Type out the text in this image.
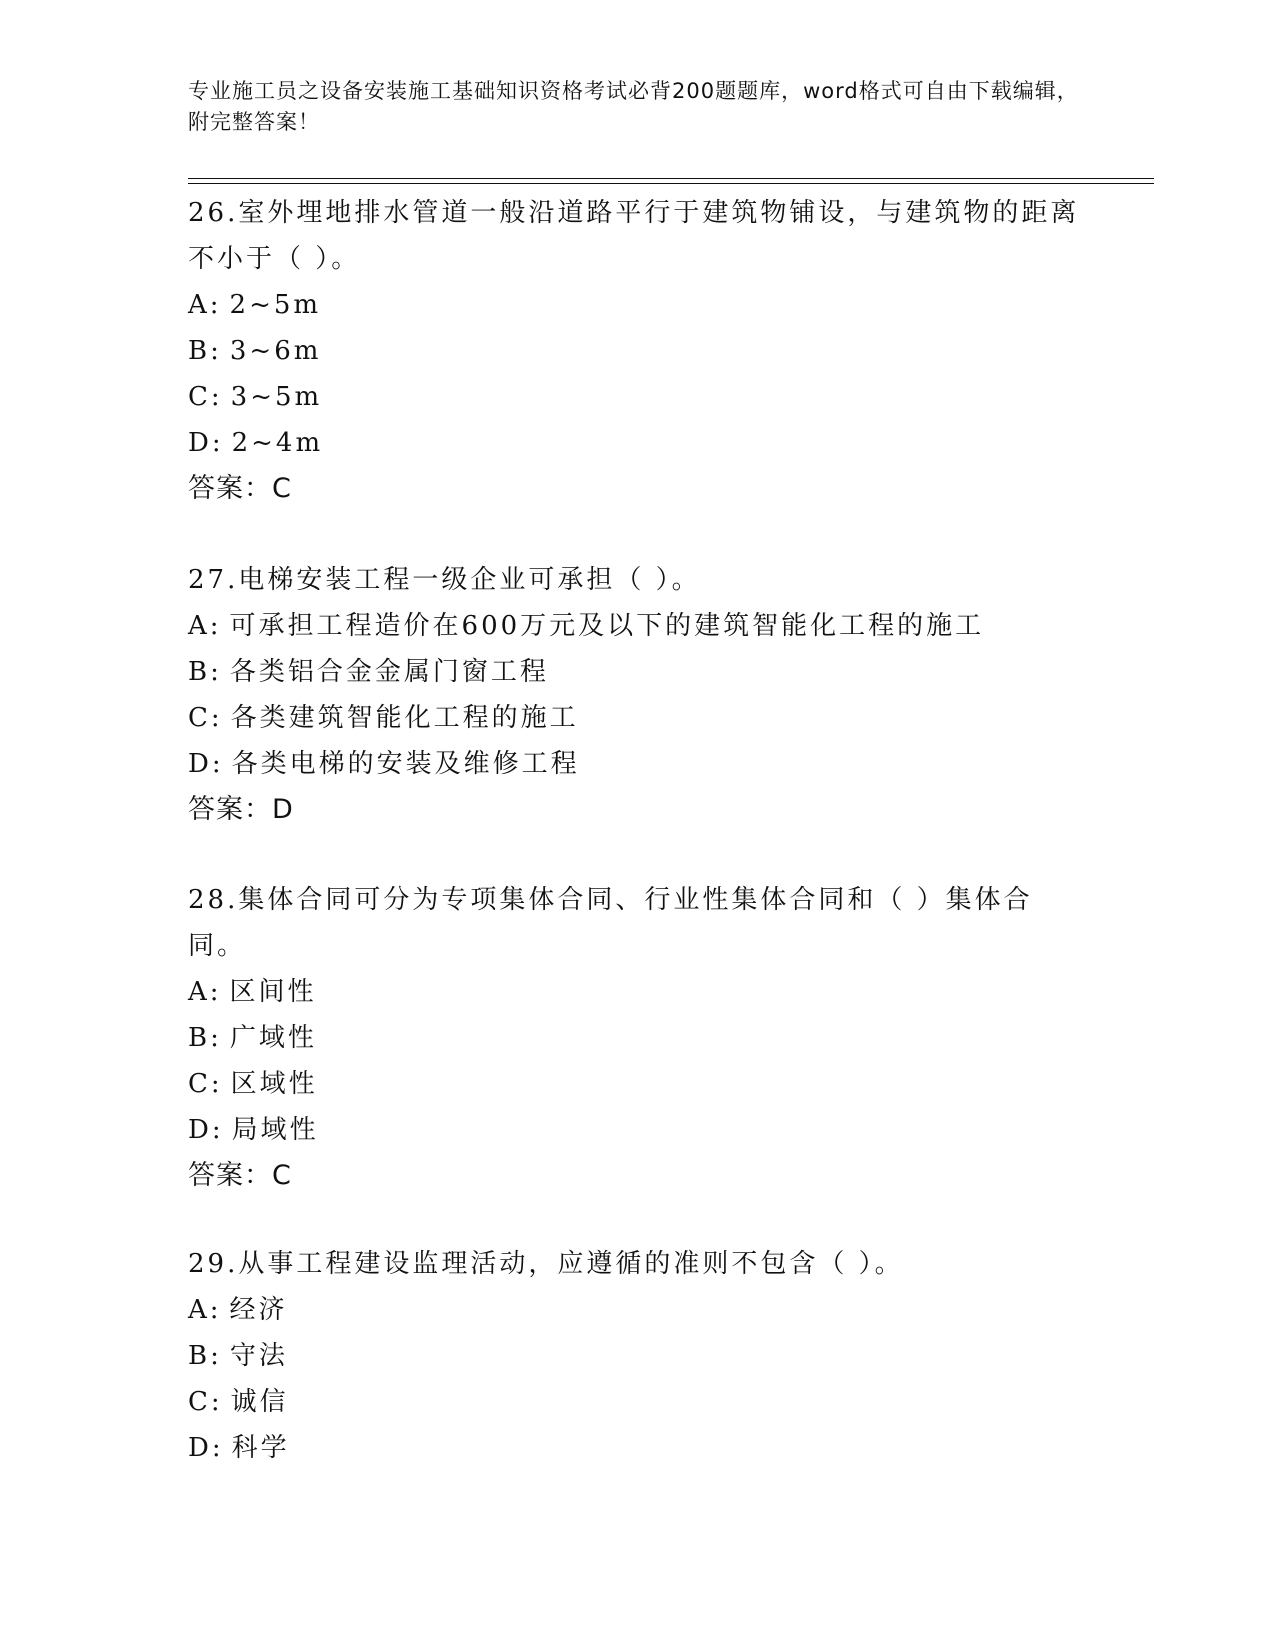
专业施工员之设备安装施工基础知识资格考试必背200题题库，word格式可自由下载编辑，附完整答案！

26.室外埋地排水管道一般沿道路平行于建筑物铺设，与建筑物的距离不小于（ ）。

A: 2~5m
B: 3~6m
C: 3~5m
D: 2~4m
答案：C

27.电梯安装工程一级企业可承担（ ）。

A: 可承担工程造价在600万元及以下的建筑智能化工程的施工
B: 各类铝合金金属门窗工程
C: 各类建筑智能化工程的施工
D: 各类电梯的安装及维修工程
答案：D

28.集体合同可分为专项集体合同、行业性集体合同和（ ）集体合同。

A: 区间性
B: 广域性
C: 区域性
D: 局域性
答案：C

29.从事工程建设监理活动，应遵循的准则不包含（ ）。

A: 经济
B: 守法
C: 诚信
D: 科学
